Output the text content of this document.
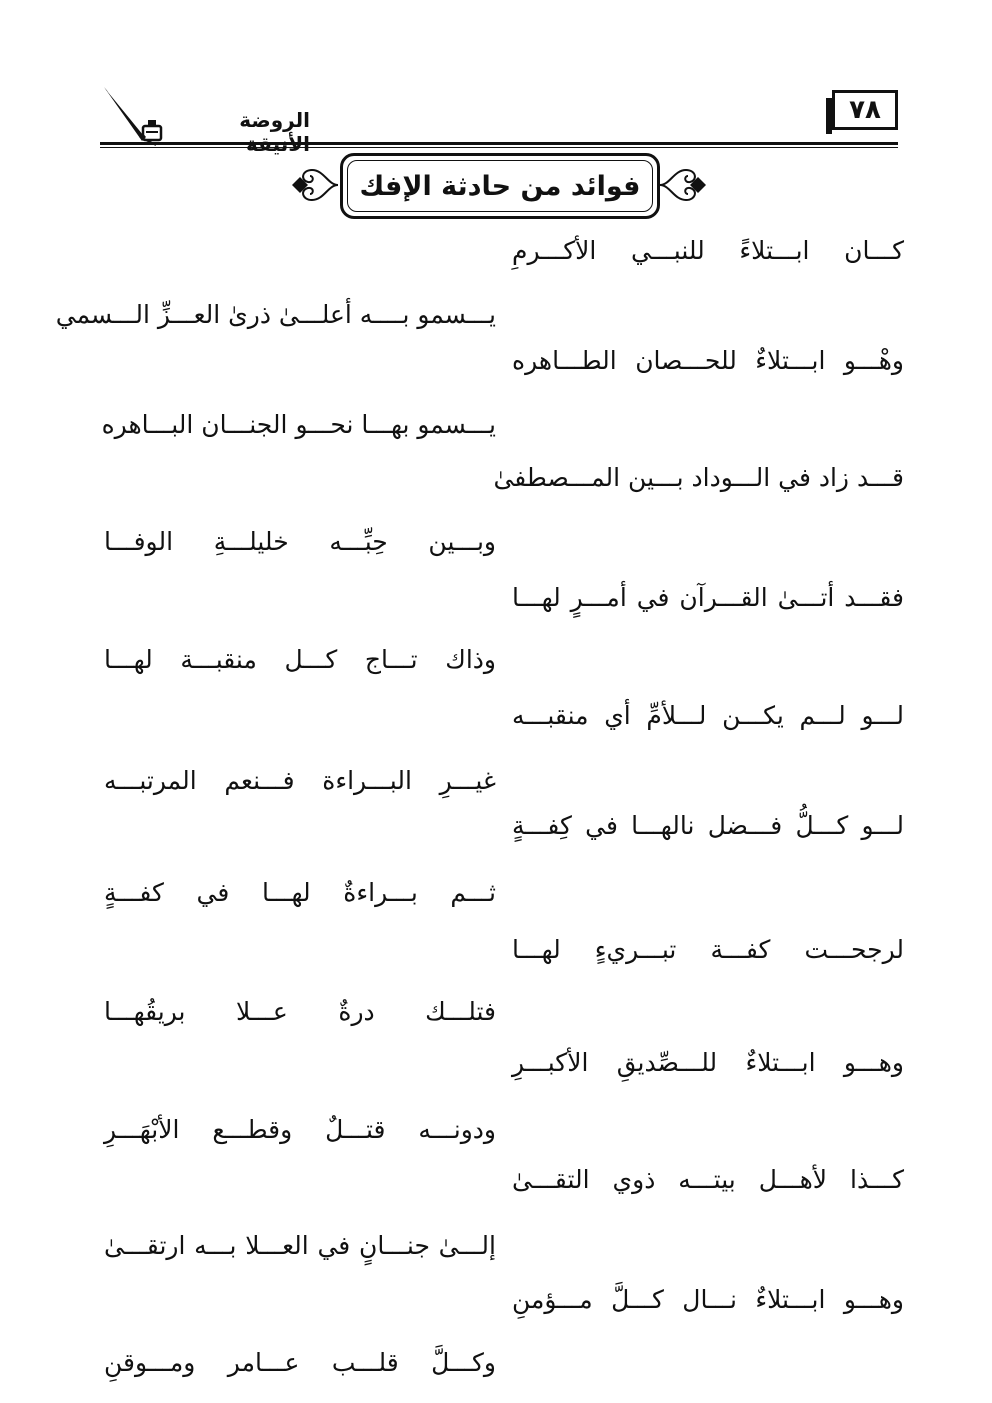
٧٨
الروضة
فوائد من حادثة الإفك
كـــان ابـــتلاءً للنبـــي الأكـــرمِ
يـــسمو بــــه أعلـــىٰ ذرىٰ العـــزِّ الـــسمي
وهْـــو ابـــتلاءٌ للحـــصان الطـــاهره
يـــسمو بهـــا نحـــو الجنـــان البـــاهره
قـــد زاد في الـــوداد بـــين المـــصطفىٰ
وبـــين حِبِّـــه خليلـــةِ الوفـــا
فقـــد أتـــىٰ القـــرآن في أمـــرٍ لهـــا
وذاك تـــاج كـــل منقبـــة لهـــا
لـــو لـــم يكـــن لـــلأمِّ أي منقبـــه
غيـــرِ البـــراءة فـــنعم المرتبـــه
لـــو كـــلُّ فـــضل نالهـــا في كِفـــةٍ
ثـــم بـــراءةٌ لهـــا في كفـــةٍ
لرجحـــت كفـــة تبـــريءٍ لهـــا
فتلـــك درةٌ عـــلا بريقُهـــا
وهـــو ابـــتلاءٌ للـــصِّديقِ الأكبـــرِ
ودونـــه قتـــلٌ وقطـــع الأبْهَـــرِ
كـــذا لأهـــل بيتـــه ذوي التقـــىٰ
إلـــىٰ جنـــانٍ في العـــلا بـــه ارتقـــىٰ
وهـــو ابـــتلاءٌ نـــال كـــلَّ مـــؤمنِ
وكـــلَّ قلـــب عـــامر ومـــوقنِ
